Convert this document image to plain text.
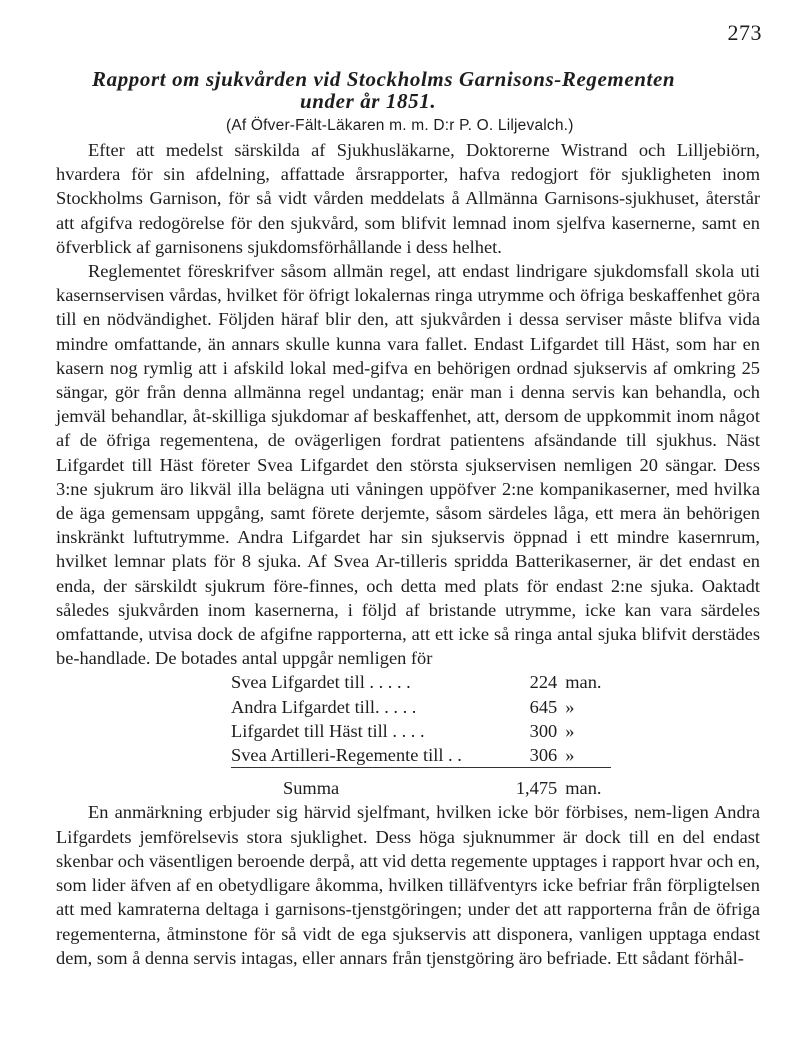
273
Rapport om sjukvården vid Stockholms Garnisons-Regementen
under år 1851.
(Af Öfver-Fält-Läkaren m. m. D:r P. O. Liljevalch.)

Efter att medelst särskilda af Sjukhusläkarne, Doktorerne Wistrand och Lilljebiörn, hvardera för sin afdelning, affattade årsrapporter, hafva redogjort för sjukligheten inom Stockholms Garnison, för så vidt vården meddelats å Allmänna Garnisons-sjukhuset, återstår att afgifva redogörelse för den sjukvård, som blifvit lemnad inom sjelfva kasernerne, samt en öfverblick af garnisonens sjukdomsförhållande i dess helhet.

Reglementet föreskrifver såsom allmän regel, att endast lindrigare sjukdomsfall skola uti kasernservisen vårdas, hvilket för öfrigt lokalernas ringa utrymme och öfriga beskaffenhet göra till en nödvändighet. Följden häraf blir den, att sjukvården i dessa serviser måste blifva vida mindre omfattande, än annars skulle kunna vara fallet. Endast Lifgardet till Häst, som har en kasern nog rymlig att i afskild lokal med-gifva en behörigen ordnad sjukservis af omkring 25 sängar, gör från denna allmänna regel undantag; enär man i denna servis kan behandla, och jemväl behandlar, åt-skilliga sjukdomar af beskaffenhet, att, dersom de uppkommit inom något af de öfriga regementena, de ovägerligen fordrat patientens afsändande till sjukhus. Näst Lifgardet till Häst företer Svea Lifgardet den största sjukservisen nemligen 20 sängar. Dess 3:ne sjukrum äro likväl illa belägna uti våningen uppöfver 2:ne kompanikaserner, med hvilka de äga gemensam uppgång, samt förete derjemte, såsom särdeles låga, ett mera än behörigen inskränkt luftutrymme. Andra Lifgardet har sin sjukservis öppnad i ett mindre kasernrum, hvilket lemnar plats för 8 sjuka. Af Svea Ar-tilleris spridda Batterikaserner, är det endast en enda, der särskildt sjukrum före-finnes, och detta med plats för endast 2:ne sjuka. Oaktadt således sjukvården inom kasernerna, i följd af bristande utrymme, icke kan vara särdeles omfattande, utvisa dock de afgifne rapporterna, att ett icke så ringa antal sjuka blifvit derstädes be-handlade. De botades antal uppgår nemligen för

Svea Lifgardet till . . . . .	224	man.
Andra Lifgardet till. . . . .	645	»
Lifgardet till Häst till . . . .	300	»
Svea Artilleri-Regemente till . .	306	»

Summa	1,475	man.

En anmärkning erbjuder sig härvid sjelfmant, hvilken icke bör förbises, nem-ligen Andra Lifgardets jemförelsevis stora sjuklighet. Dess höga sjuknummer är dock till en del endast skenbar och väsentligen beroende derpå, att vid detta regemente upptages i rapport hvar och en, som lider äfven af en obetydligare åkomma, hvilken tilläfventyrs icke befriar från förpligtelsen att med kamraterna deltaga i garnisons-tjenstgöringen; under det att rapporterna från de öfriga regementerna, åtminstone för så vidt de ega sjukservis att disponera, vanligen upptaga endast dem, som å denna servis intagas, eller annars från tjenstgöring äro befriade. Ett sådant förhål-
